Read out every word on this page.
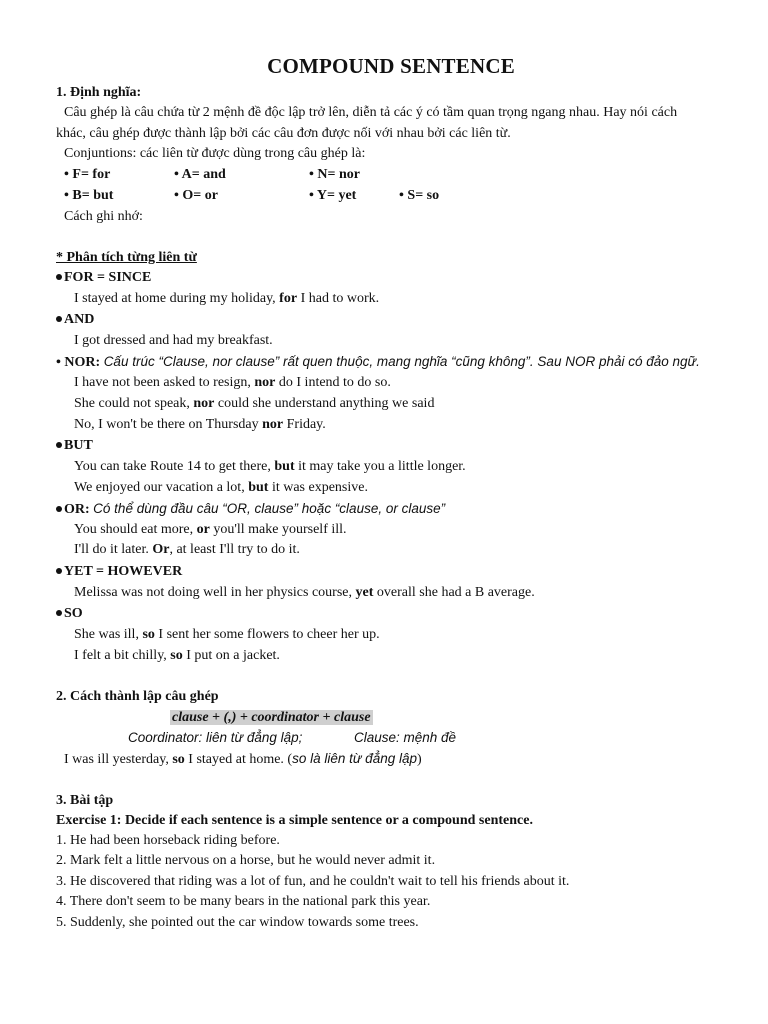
COMPOUND SENTENCE
1. Định nghĩa:
Câu ghép là câu chứa từ 2 mệnh đề độc lập trở lên, diễn tả các ý có tầm quan trọng ngang nhau. Hay nói cách
khác, câu ghép được thành lập bởi các câu đơn được nối với nhau bởi các liên từ.
Conjuntions: các liên từ được dùng trong câu ghép là:
• F= for	• A= and	• N= nor
• B= but	• O= or	• Y= yet	• S= so
Cách ghi nhớ:
* Phân tích từng liên từ
FOR = SINCE
I stayed at home during my holiday, for I had to work.
AND
I got dressed and had my breakfast.
• NOR: Cấu trúc “Clause, nor clause” rất quen thuộc, mang nghĩa “cũng không”. Sau NOR phải có đảo ngữ.
I have not been asked to resign, nor do I intend to do so.
She could not speak, nor could she understand anything we said
No, I won't be there on Thursday nor Friday.
BUT
You can take Route 14 to get there, but it may take you a little longer.
We enjoyed our vacation a lot, but it was expensive.
OR: Có thể dùng đầu câu “OR, clause” hoặc “clause, or clause”
You should eat more, or you'll make yourself ill.
I'll do it later. Or, at least I'll try to do it.
YET = HOWEVER
Melissa was not doing well in her physics course, yet overall she had a B average.
SO
She was ill, so I sent her some flowers to cheer her up.
I felt a bit chilly, so I put on a jacket.
2. Cách thành lập câu ghép
clause + (,) + coordinator + clause
Coordinator: liên từ đẳng lập;	Clause: mệnh đề
I was ill yesterday, so I stayed at home. (so là liên từ đẳng lập)
3. Bài tập
Exercise 1: Decide if each sentence is a simple sentence or a compound sentence.
1. He had been horseback riding before.
2. Mark felt a little nervous on a horse, but he would never admit it.
3. He discovered that riding was a lot of fun, and he couldn't wait to tell his friends about it.
4. There don't seem to be many bears in the national park this year.
5. Suddenly, she pointed out the car window towards some trees.
